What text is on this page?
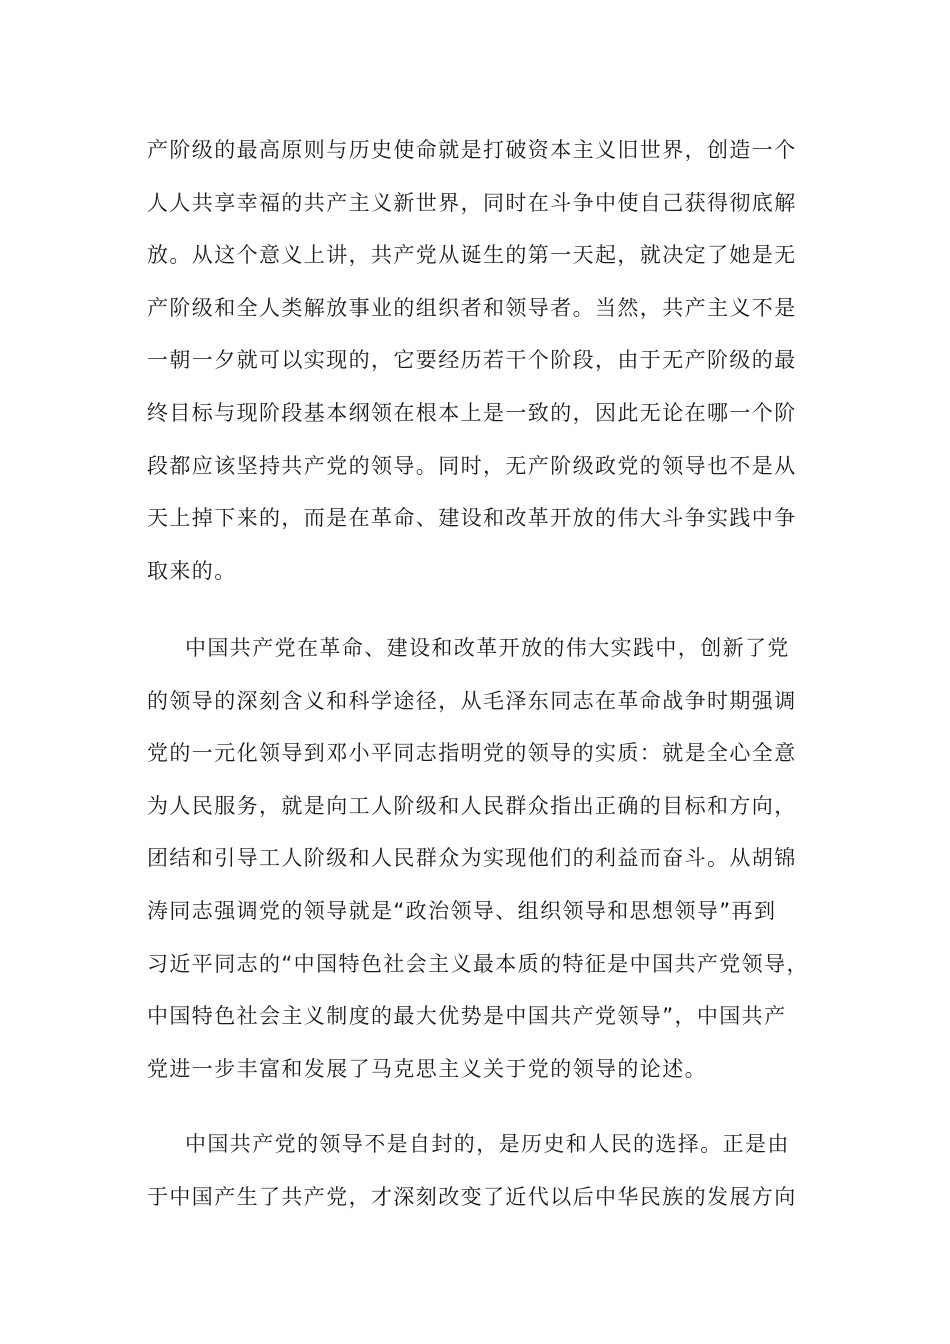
产阶级的最高原则与历史使命就是打破资本主义旧世界，创造一个
人人共享幸福的共产主义新世界，同时在斗争中使自己获得彻底解
放。从这个意义上讲，共产党从诞生的第一天起，就决定了她是无
产阶级和全人类解放事业的组织者和领导者。当然，共产主义不是
一朝一夕就可以实现的，它要经历若干个阶段，由于无产阶级的最
终目标与现阶段基本纲领在根本上是一致的，因此无论在哪一个阶
段都应该坚持共产党的领导。同时，无产阶级政党的领导也不是从
天上掉下来的，而是在革命、建设和改革开放的伟大斗争实践中争
取来的。
中国共产党在革命、建设和改革开放的伟大实践中，创新了党
的领导的深刻含义和科学途径，从毛泽东同志在革命战争时期强调
党的一元化领导到邓小平同志指明党的领导的实质：就是全心全意
为人民服务，就是向工人阶级和人民群众指出正确的目标和方向，
团结和引导工人阶级和人民群众为实现他们的利益而奋斗。从胡锦
涛同志强调党的领导就是“政治领导、组织领导和思想领导”再到
习近平同志的“中国特色社会主义最本质的特征是中国共产党领导，
中国特色社会主义制度的最大优势是中国共产党领导”，中国共产
党进一步丰富和发展了马克思主义关于党的领导的论述。
中国共产党的领导不是自封的，是历史和人民的选择。正是由
于中国产生了共产党，才深刻改变了近代以后中华民族的发展方向
